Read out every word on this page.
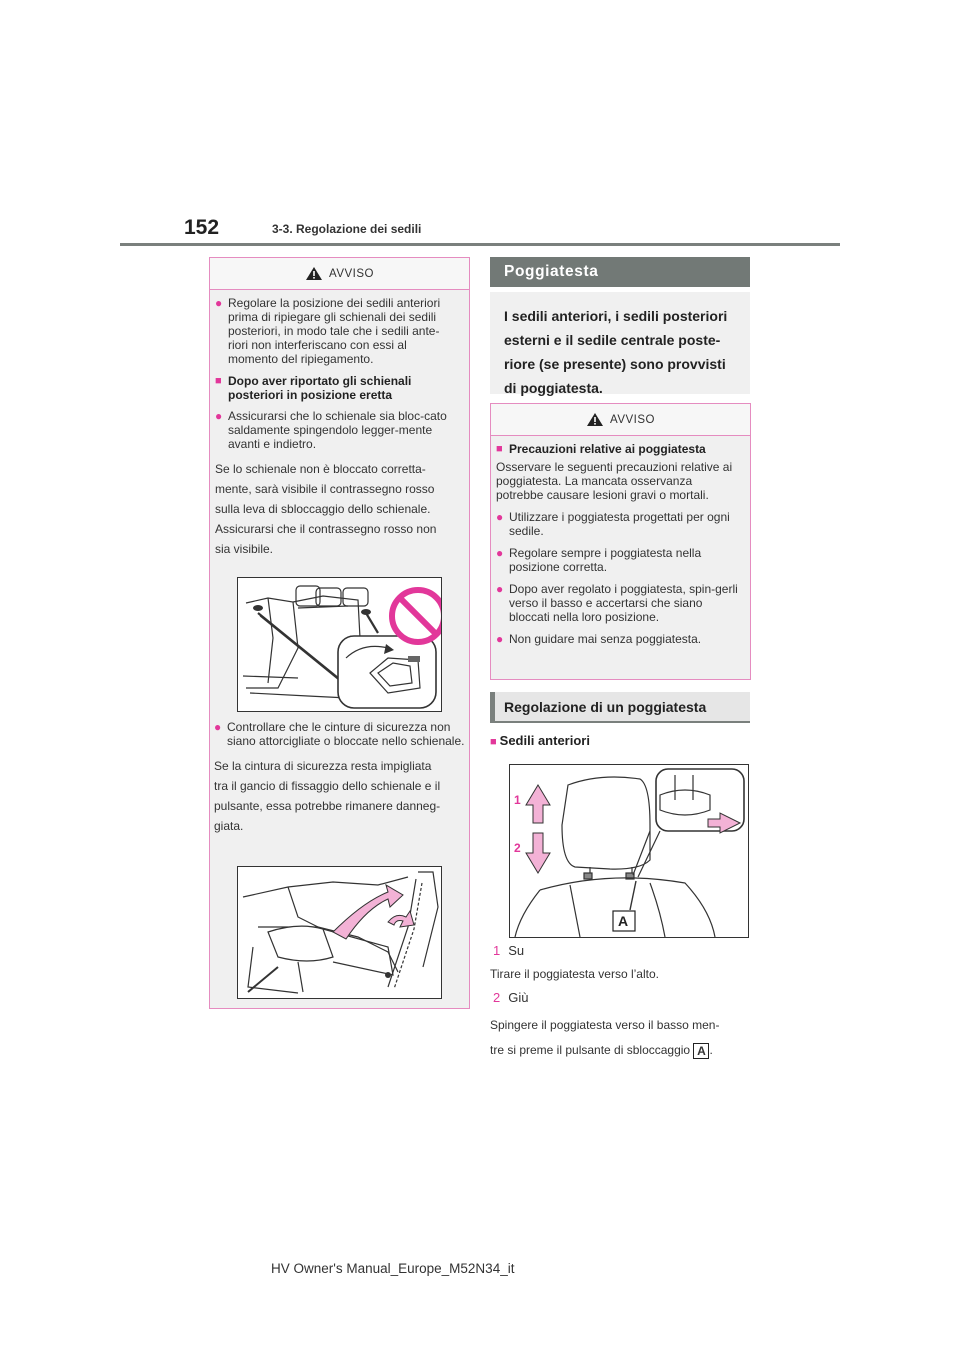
152	3-3. Regolazione dei sedili
AVVISO
● Regolare la posizione dei sedili anteriori prima di ripiegare gli schienali dei sedili posteriori, in modo tale che i sedili ante-riori non interferiscano con essi al momento del ripiegamento.
■ Dopo aver riportato gli schienali posteriori in posizione eretta
● Assicurarsi che lo schienale sia bloc-cato saldamente spingendolo legger-mente avanti e indietro.

Se lo schienale non è bloccato corretta-

mente, sarà visibile il contrassegno rosso

sulla leva di sbloccaggio dello schienale.

Assicurarsi che il contrassegno rosso non

sia visibile.

● Controllare che le cinture di sicurezza non siano attorcigliate o bloccate nello schienale.

Se la cintura di sicurezza resta impigliata

tra il gancio di fissaggio dello schienale e il

pulsante, essa potrebbe rimanere danneg-

giata.

Poggiatesta
I sedili anteriori, i sedili posteriori
esterni e il sedile centrale poste-
riore (se presente) sono provvisti
di poggiatesta.
AVVISO
■ Precauzioni relative ai poggiatesta

Osservare le seguenti precauzioni relative ai poggiatesta. La mancata osservanza potrebbe causare lesioni gravi o mortali.

● Utilizzare i poggiatesta progettati per ogni sedile.
● Regolare sempre i poggiatesta nella posizione corretta.
● Dopo aver regolato i poggiatesta, spin-gerli verso il basso e accertarsi che siano bloccati nella loro posizione.
● Non guidare mai senza poggiatesta.
Regolazione di un poggiatesta
■ Sedili anteriori
1
2
A
1 Su
Tirare il poggiatesta verso l’alto.
2 Giù
Spingere il poggiatesta verso il basso men-
tre si preme il pulsante di sbloccaggio A .
HV Owner's Manual_Europe_M52N34_it
